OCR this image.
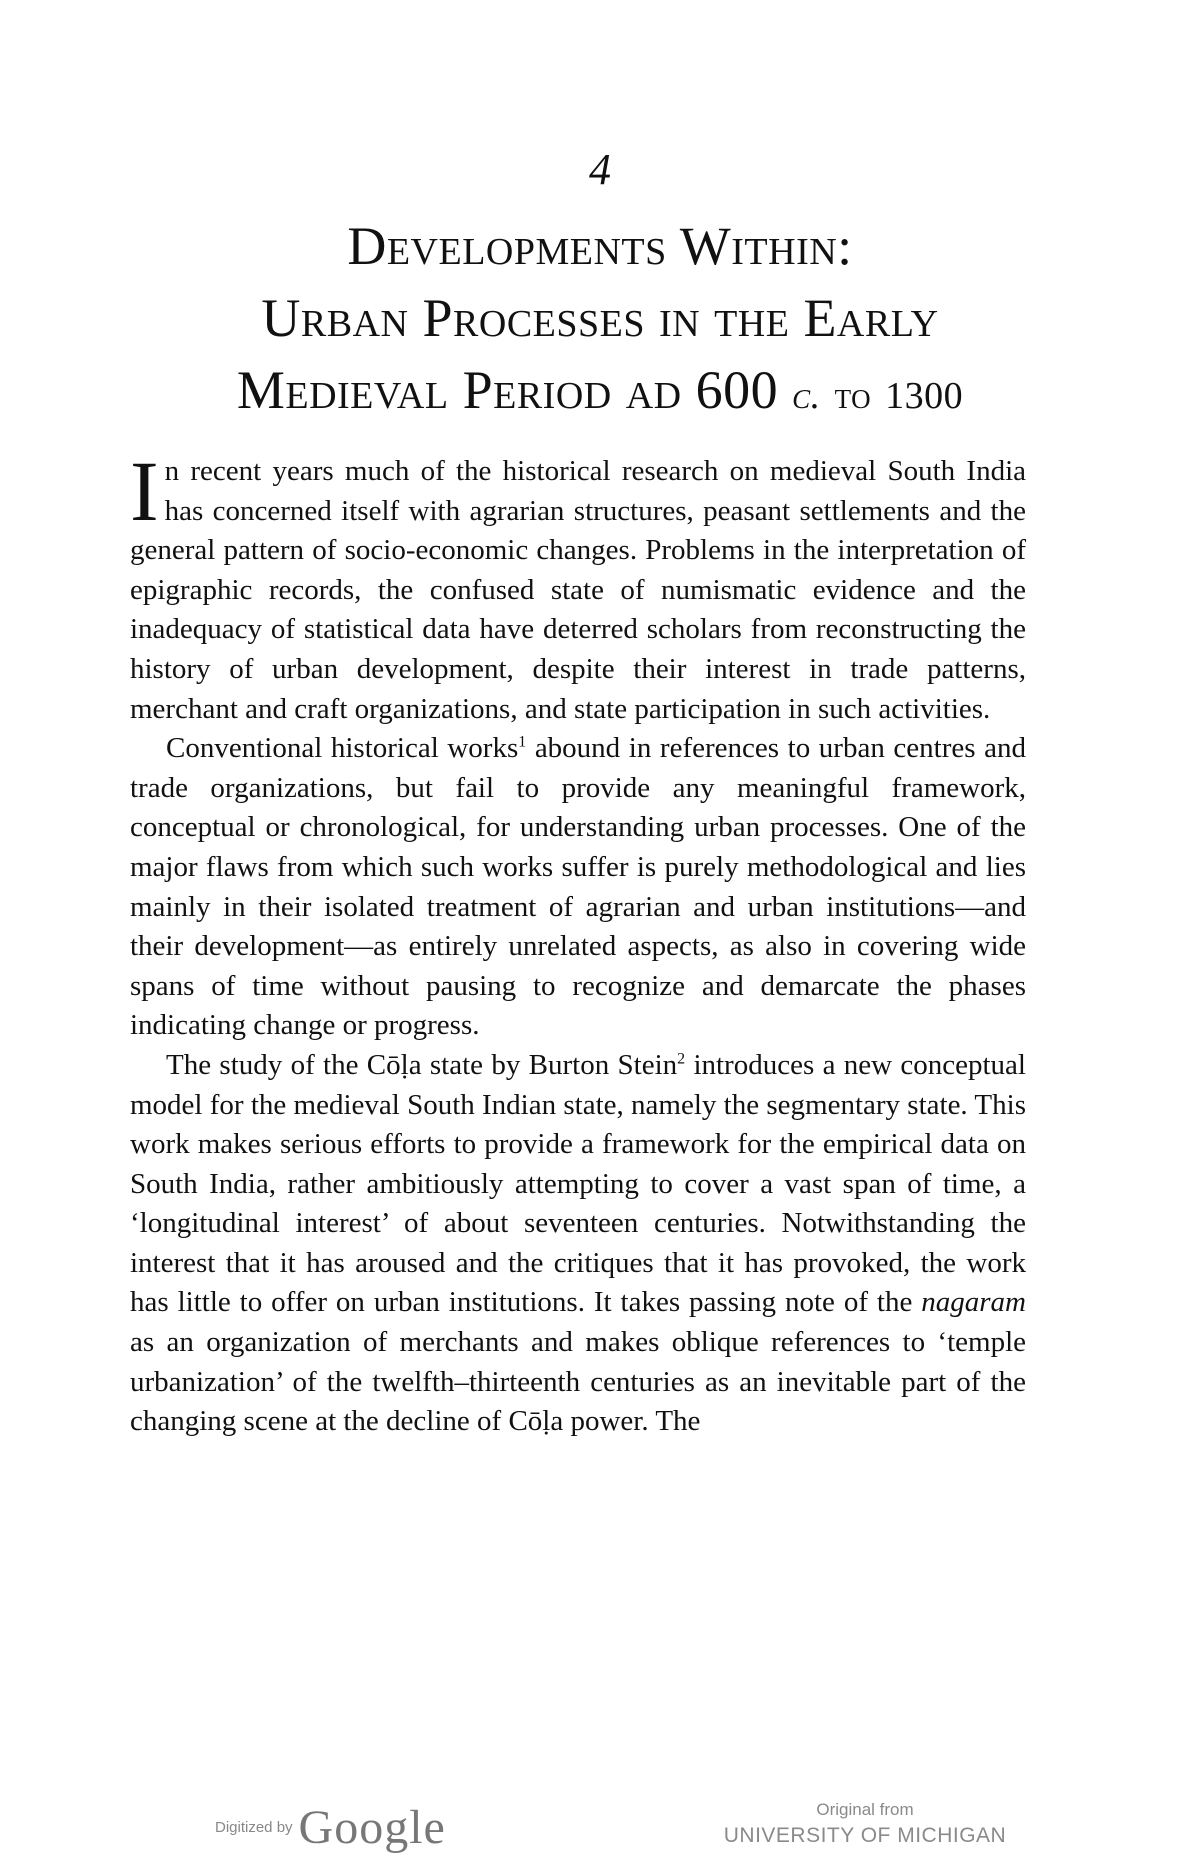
4
Developments Within:
Urban Processes in the Early
Medieval Period AD 600 c. to 1300

In recent years much of the historical research on medieval South India has concerned itself with agrarian structures, peasant settlements and the general pattern of socio-economic changes. Problems in the interpretation of epigraphic records, the confused state of numismatic evidence and the inadequacy of statistical data have deterred scholars from reconstructing the history of urban development, despite their interest in trade patterns, merchant and craft organizations, and state participation in such activities.

Conventional historical works$^1$ abound in references to urban centres and trade organizations, but fail to provide any meaningful framework, conceptual or chronological, for understanding urban processes. One of the major flaws from which such works suffer is purely methodological and lies mainly in their isolated treatment of agrarian and urban institutions—and their development—as entirely unrelated aspects, as also in covering wide spans of time without pausing to recognize and demarcate the phases indicating change or progress.

The study of the Cōḷa state by Burton Stein$^2$ introduces a new conceptual model for the medieval South Indian state, namely the segmentary state. This work makes serious efforts to provide a framework for the empirical data on South India, rather ambitiously attempting to cover a vast span of time, a ‘longitudinal interest’ of about seventeen centuries. Notwithstanding the interest that it has aroused and the critiques that it has provoked, the work has little to offer on urban institutions. It takes passing note of the nagaram as an organization of merchants and makes oblique references to ‘temple urbanization’ of the twelfth–thirteenth centuries as an inevitable part of the changing scene at the decline of Cōḷa power. The

Digitized by Google	Original from
UNIVERSITY OF MICHIGAN
